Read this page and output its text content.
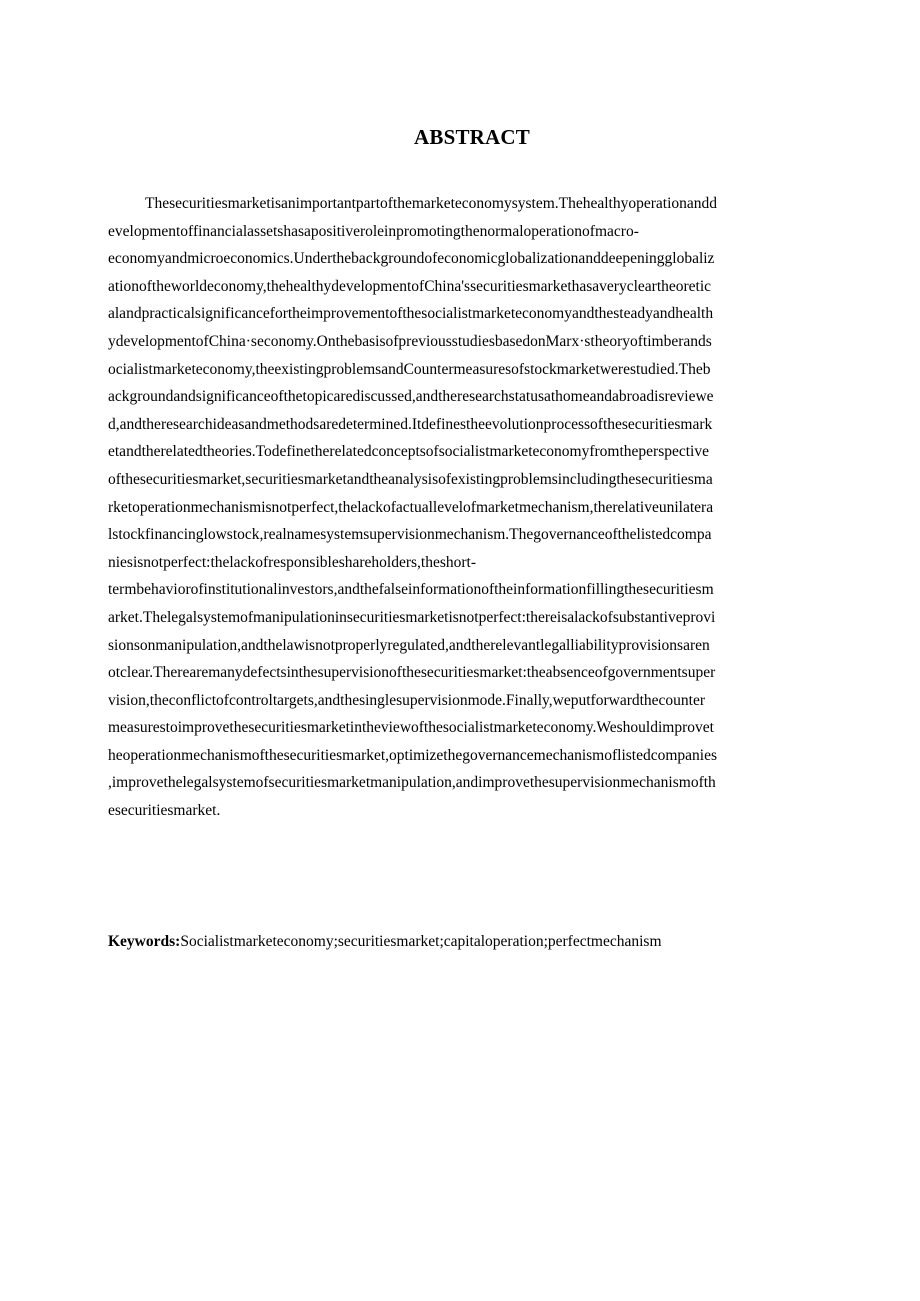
ABSTRACT
Thesecuritiesmarketisanimportantpartofthemarketeconomysystem.Thehealthyoperationandd
evelopmentoffinancialassetshasapositiveroleinpromotingthenormaloperationofmacro-
economyandmicroeconomics.Underthebackgroundofeconomicglobalizationanddeepeningglobaliz
ationoftheworldeconomy,thehealthydevelopmentofChina'ssecuritiesmarkethasaverycleartheoretic
alandpracticalsignificancefortheimprovementofthesocialistmarketeconomyandthesteadyandhealth
ydevelopmentofChina·seconomy.OnthebasisofpreviousstudiesbasedonMarx·stheoryoftimberands
ocialistmarketeconomy,theexistingproblemsandCountermeasuresofstockmarketwerestudied.Theb
ackgroundandsignificanceofthetopicarediscussed,andtheresearchstatusathomeandabroadisreviewe
d,andtheresearchideasandmethodsaredetermined.Itdefinestheevolutionprocessofthesecuritiesmark
etandtherelatedtheories.Todefinetherelatedconceptsofsocialistmarketeconomyfromtheperspective
ofthesecuritiesmarket,securitiesmarketandtheanalysisofexistingproblemsincludingthesecuritiesma
rketoperationmechanismisnotperfect,thelackofactuallevelofmarketmechanism,therelativeunilatera
lstockfinancinglowstock,realnamesystemsupervisionmechanism.Thegovernanceofthelistedcompa
niesisnotperfect:thelackofresponsibleshareholders,theshort-
termbehaviorofinstitutionalinvestors,andthefalseinformationoftheinformationfillingthesecuritiesm
arket.Thelegalsystemofmanipulationinsecuritiesmarketisnotperfect:thereisalackofsubstantiveprovi
sionsonmanipulation,andthelawisnotproperlyregulated,andtherelevantlegalliabilityprovisionsaren
otclear.Therearemanydefectsinthesupervisionofthesecuritiesmarket:theabsenceofgovernmentsuper
vision,theconflictofcontroltargets,andthesinglesupervisionmode.Finally,weputforwardthecounter
measurestoimprovethesecuritiesmarketintheviewofthesocialistmarketeconomy.Weshouldimprovet
heoperationmechanismofthesecuritiesmarket,optimizethegovernancemechanismoflistedcompanies
,improvethelegalsystemofsecuritiesmarketmanipulation,andimprovethesupervisionmechanismofth
esecuritiesmarket.
Keywords:Socialistmarketeconomy;securitiesmarket;capitaloperation;perfectmechanism
